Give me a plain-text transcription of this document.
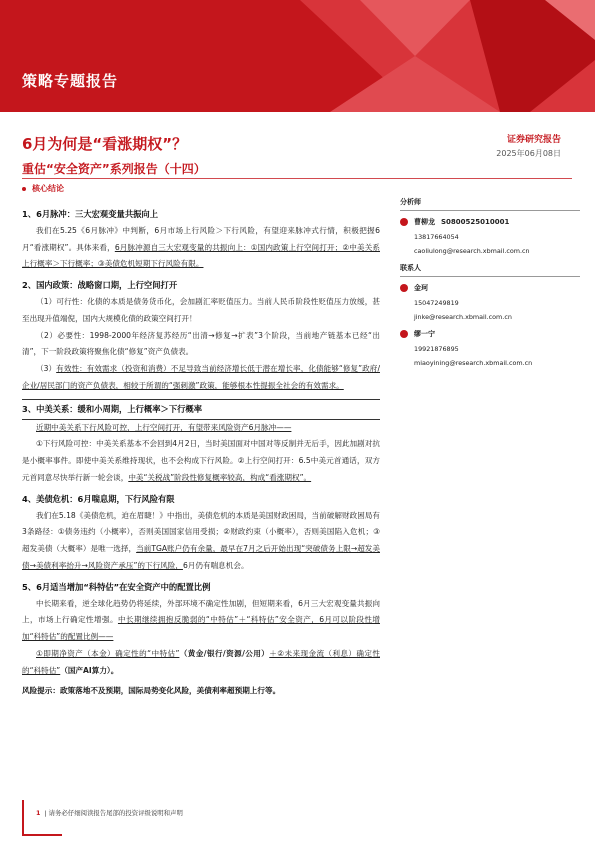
策略专题报告
6月为何是“看涨期权”？
重估“安全资产”系列报告（十四）
证券研究报告
2025年06月08日
核心结论

1、6月脉冲：三大宏观变量共振向上

我们在5.25《6月脉冲》中判断，6月市场上行风险＞下行风险，有望迎来脉冲式行情，积极把握6月“看涨期权”。具体来看，6月脉冲源自三大宏观变量的共振向上：①国内政策上行空间打开；②中美关系上行概率＞下行概率；③美债危机短期下行风险有限。

2、国内政策：战略窗口期，上行空间打开

（1）可行性：化债的本质是债务货币化，会加剧汇率贬值压力。当前人民币阶段性贬值压力放缓，甚至出现升值端倪，国内大规模化债的政策空间打开！

（2）必要性：1998-2000年经济复苏经历“出清→修复→扩表”3个阶段，当前地产链基本已经“出清”，下一阶段政策将聚焦化债“修复”资产负债表。

（3）有效性：有效需求（投资和消费）不足导致当前经济增长低于潜在增长率，化债能够“修复”政府/企业/居民部门的资产负债表，相较于所谓的“强刺激”政策，能够根本性提振全社会的有效需求。

3、中美关系：缓和小周期，上行概率＞下行概率

近期中美关系下行风险可控，上行空间打开，有望带来风险资产6月脉冲——

①下行风险可控：中美关系基本不会回到4月2日，当时美国面对中国对等反制并无后手，因此加剧对抗是小概率事件。即使中美关系维持现状，也不会构成下行风险。②上行空间打开：6.5中美元首通话，双方元首同意尽快举行新一轮会谈，中美“关税战”阶段性修复概率较高，构成“看涨期权”。

4、美债危机：6月喘息期，下行风险有限

我们在5.18《美债危机，迫在眉睫！》中指出，美债危机的本质是美国财政困局，当前破解财政困局有3条路径：①债务违约（小概率），否则美国国家信用受损；②财政约束（小概率），否则美国陷入危机；③超发美债（大概率）是唯一选择，当前TGA账户仍有余量，最早在7月之后开始出现“突破债务上限→超发美债→美债利率抬升→风险资产承压”的下行风险，6月仍有喘息机会。

5、6月适当增加“科特估”在安全资产中的配置比例

中长期来看，逆全球化趋势仍将延续，外部环境不确定性加剧，但短期来看，6月三大宏观变量共振向上，市场上行确定性增强。中长期继续拥抱反脆弱的“中特估”＋“科特估”安全资产，6月可以阶段性增加“科特估”的配置比例——

①即期净资产（本金）确定性的“中特估”（黄金/银行/资源/公用）＋②未来现金流（利息）确定性的“科特估”（国产AI算力）。

风险提示：政策落地不及预期，国际局势变化风险，美债利率超预期上行等。

分析师
曹柳龙 S0800525010001
13817664054
caoliulong@research.xbmail.com.cn
联系人
金珂
15047249819
jinke@research.xbmail.com.cn
缪一宁
19921876895
miaoyining@research.xbmail.com.cn
1 | 请务必仔细阅读报告尾部的投资评级说明和声明
